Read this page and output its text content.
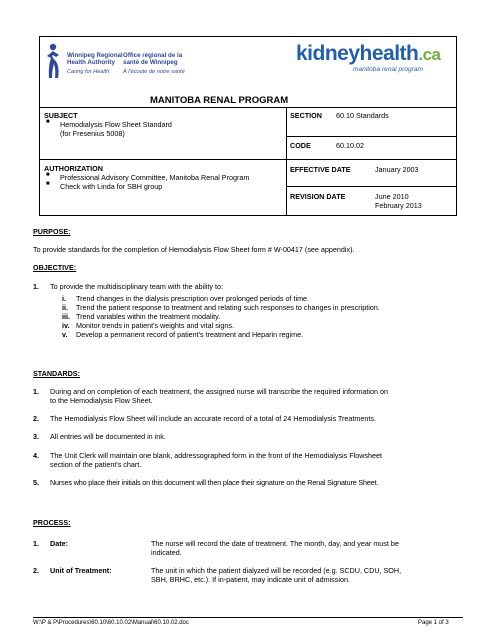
Winnipeg Regional
Health Authority
Office régional de la
santé de Winnipeg
Caring for Health À l'écoute de notre santé
kidneyhealth.ca
manitoba renal program
MANITOBA RENAL PROGRAM
SUBJECT
■ Hemodialysis Flow Sheet Standard
(for Fresenius 5008)
SECTION 60.10 Standards
CODE	60.10.02
AUTHORIZATION
■ Professional Advisory Committee, Manitoba Renal Program
■ Check with Linda for SBH group
EFFECTIVE DATE	January 2003
REVISION DATE	June 2010
February 2013
PURPOSE:
To provide standards for the completion of Hemodialysis Flow Sheet form # W-00417 (see appendix).
OBJECTIVE:
1. To provide the multidisciplinary team with the ability to:
i. Trend changes in the dialysis prescription over prolonged periods of time.
ii. Trend the patient response to treatment and relating such responses to changes in prescription.
iii. Trend variables within the treatment modality.
iv. Monitor trends in patient's weights and vital signs.
v. Develop a permanent record of patient's treatment and Heparin regime.
STANDARDS:
1. During and on completion of each treatment, the assigned nurse will transcribe the required information on
to the Hemodialysis Flow Sheet.
2. The Hemodialysis Flow Sheet will include an accurate record of a total of 24 Hemodialysis Treatments.
3. All entries will be documented in ink.
4. The Unit Clerk will maintain one blank, addressographed form in the front of the Hemodialysis Flowsheet
section of the patient's chart.
5. Nurses who place their initials on this document will then place their signature on the Renal Signature Sheet.
PROCESS:
1. Date:	The nurse will record the date of treatment. The month, day, and year must be
indicated.
2. Unit of Treatment:	The unit in which the patient dialyzed will be recorded (e.g. SCDU, CDU, SOH,
SBH, BRHC, etc.). If in-patient, may indicate unit of admission.
W:\P & P\Procedures\60.10\60.10.02\Manual\60.10.02.doc	Page 1 of 3
